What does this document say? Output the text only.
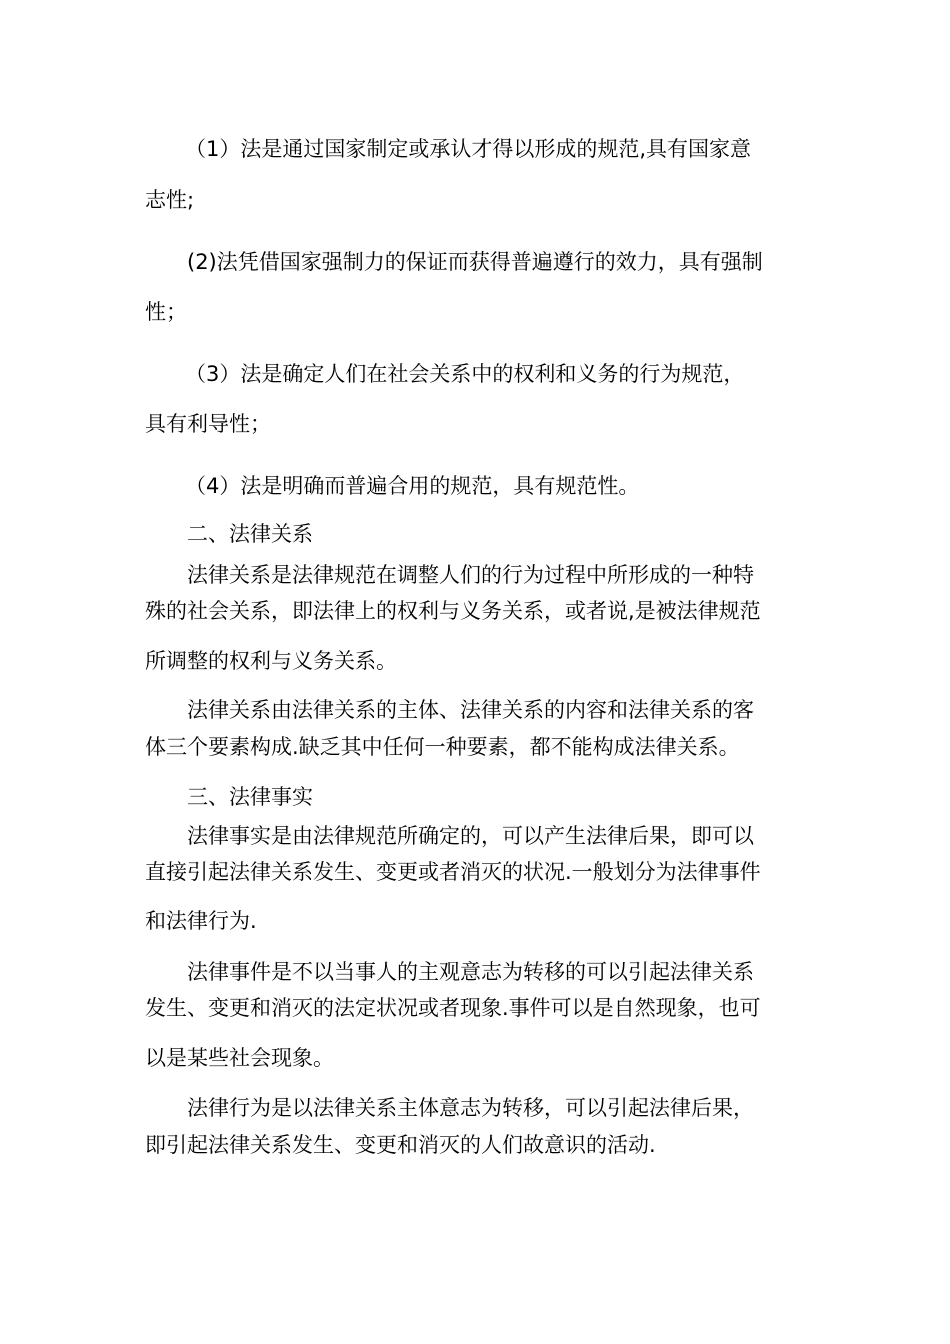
（1）法是通过国家制定或承认才得以形成的规范,具有国家意
志性;
(2)法凭借国家强制力的保证而获得普遍遵行的效力，具有强制
性；
（3）法是确定人们在社会关系中的权利和义务的行为规范，
具有利导性；
（4）法是明确而普遍合用的规范，具有规范性。
二、法律关系
法律关系是法律规范在调整人们的行为过程中所形成的一种特
殊的社会关系，即法律上的权利与义务关系，或者说,是被法律规范
所调整的权利与义务关系。
法律关系由法律关系的主体、法律关系的内容和法律关系的客
体三个要素构成.缺乏其中任何一种要素，都不能构成法律关系。
三、法律事实
法律事实是由法律规范所确定的，可以产生法律后果，即可以
直接引起法律关系发生、变更或者消灭的状况.一般划分为法律事件
和法律行为.
法律事件是不以当事人的主观意志为转移的可以引起法律关系
发生、变更和消灭的法定状况或者现象.事件可以是自然现象，也可
以是某些社会现象。
法律行为是以法律关系主体意志为转移，可以引起法律后果，
即引起法律关系发生、变更和消灭的人们故意识的活动.
